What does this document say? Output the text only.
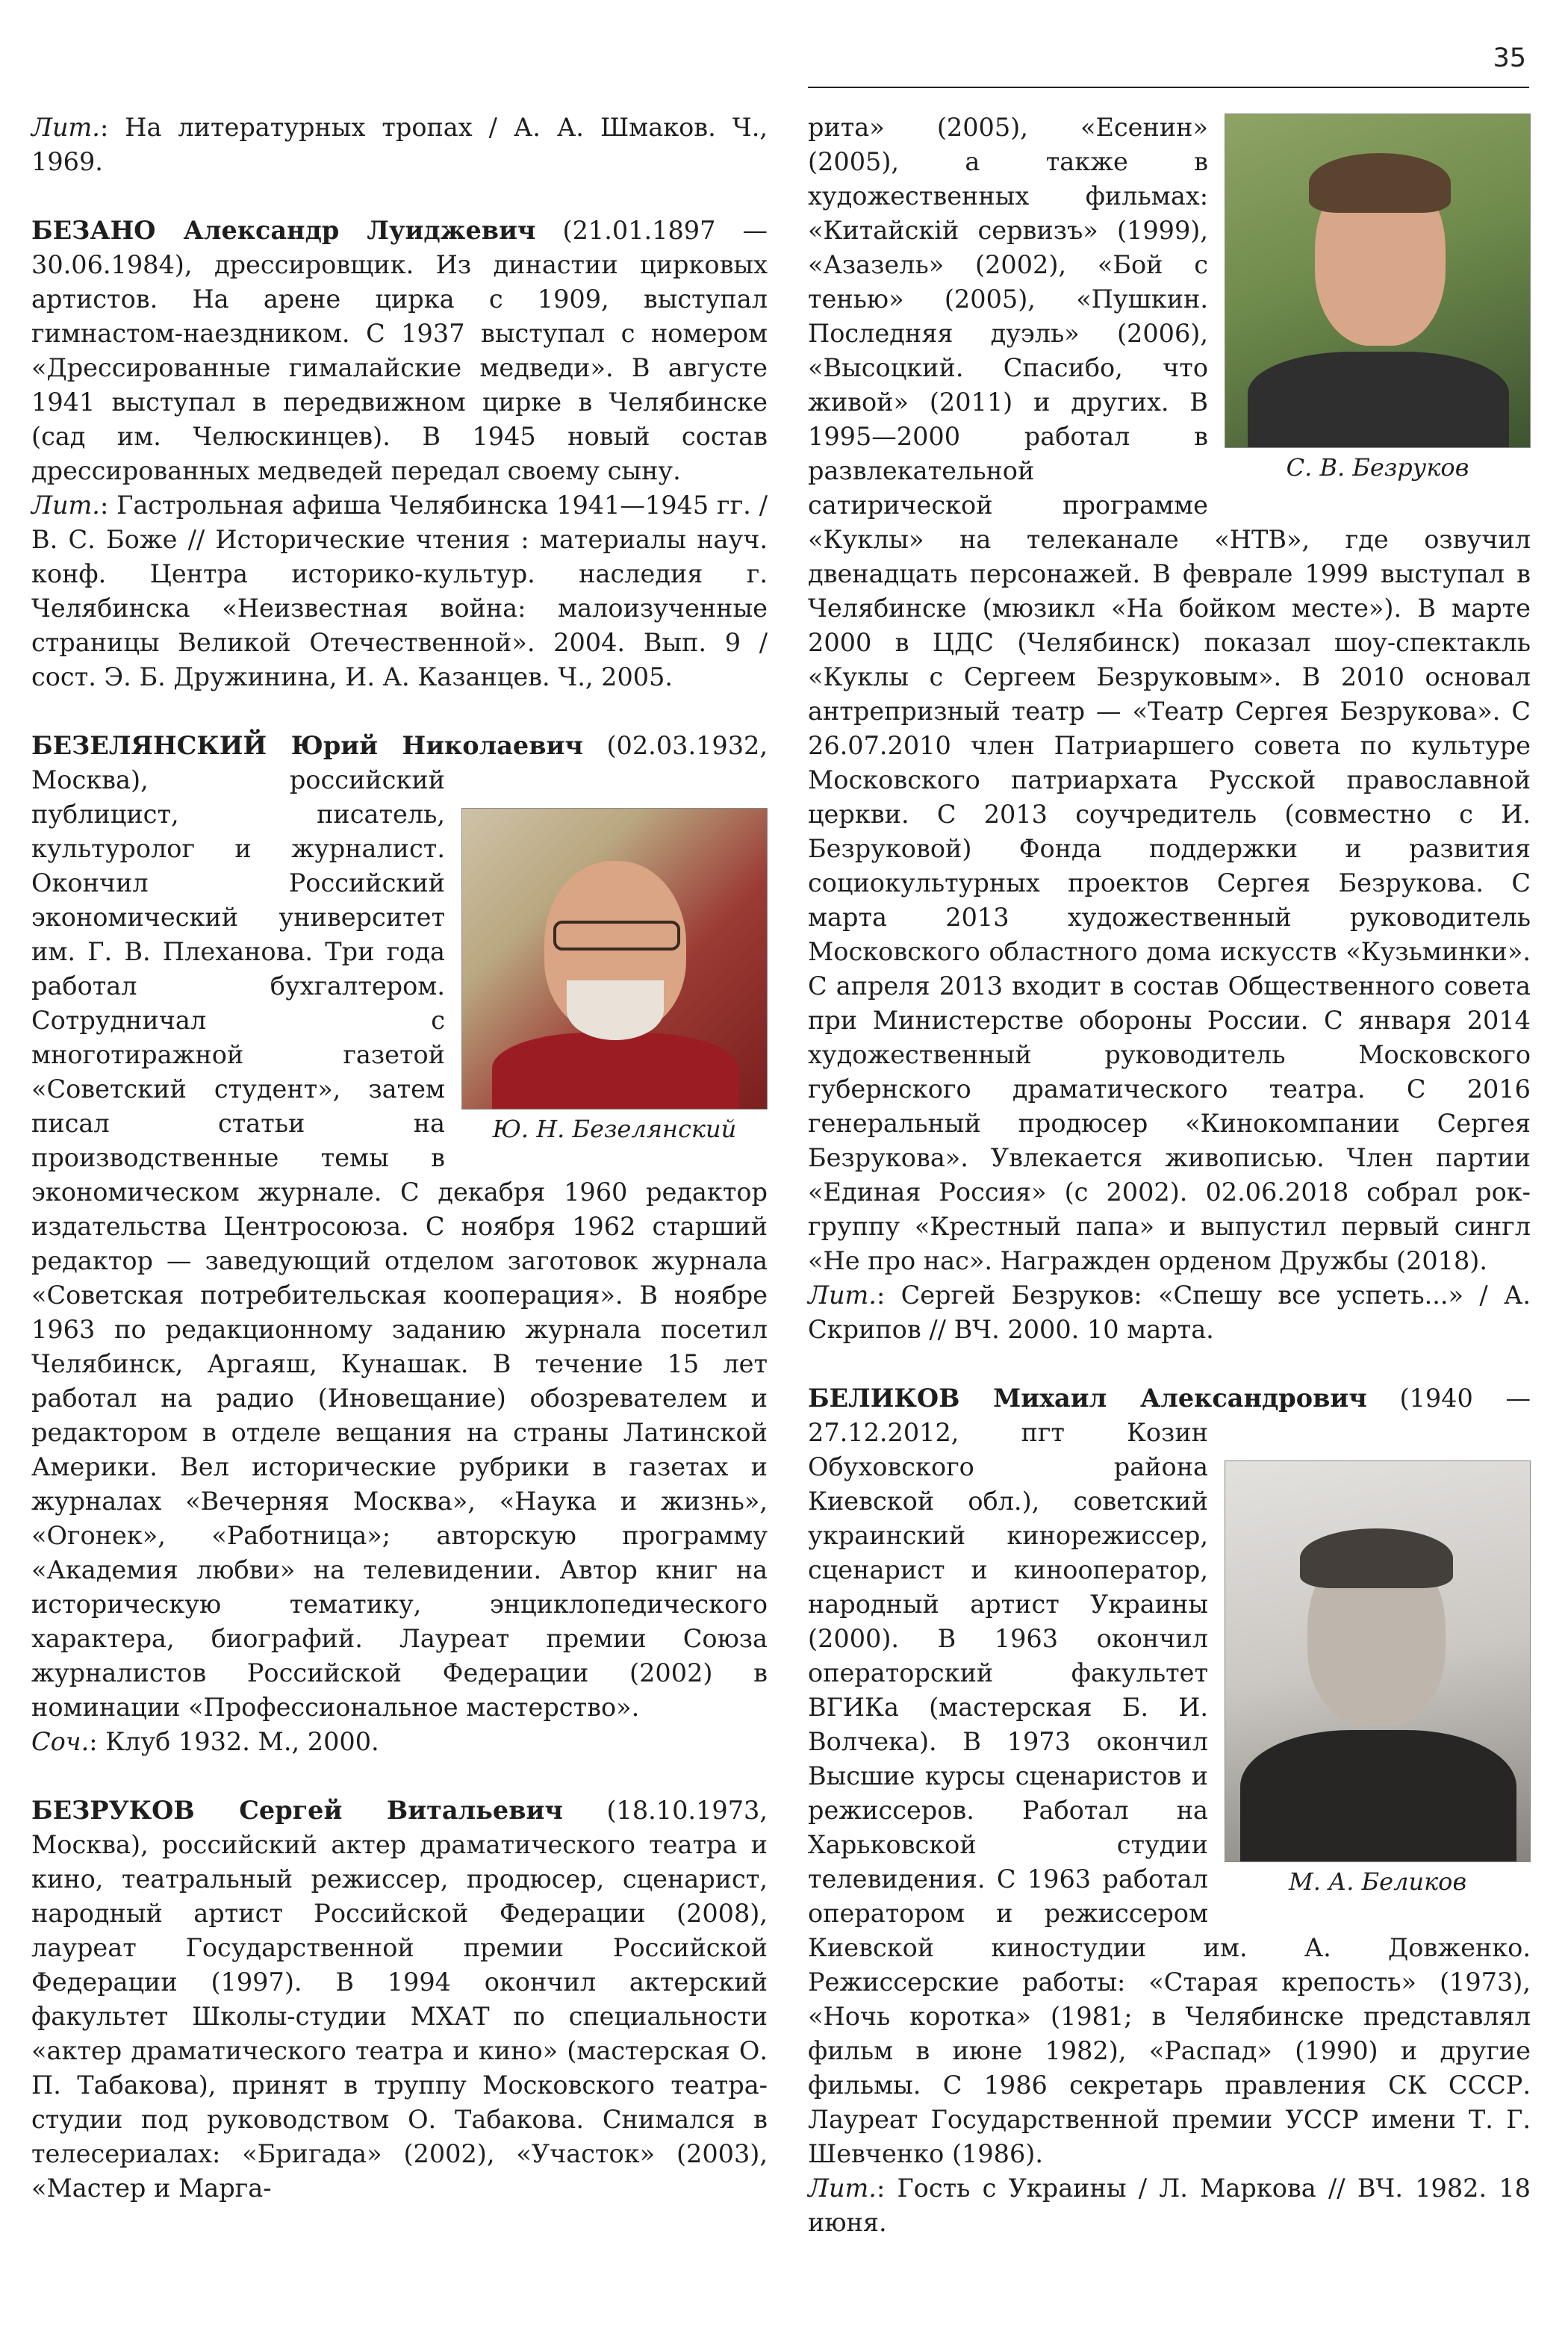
35

Лит.: На литературных тропах / А. А. Шмаков. Ч., 1969.

БЕЗАНО Александр Луиджевич (21.01.1897 — 30.06.1984), дрессировщик. Из династии цирковых артистов. На арене цирка с 1909, выступал гимнастом-наездником. С 1937 выступал с номером «Дрессированные гималайские медведи». В августе 1941 выступал в передвижном цирке в Челябинске (сад им. Челюскинцев). В 1945 новый состав дрессированных медведей передал своему сыну.

Лит.: Гастрольная афиша Челябинска 1941—1945 гг. / В. С. Боже // Исторические чтения : материалы науч. конф. Центра историко-культур. наследия г. Челябинска «Неизвестная война: малоизученные страницы Великой Отечественной». 2004. Вып. 9 / сост. Э. Б. Дружинина, И. А. Казанцев. Ч., 2005.

БЕЗЕЛЯНСКИЙ Юрий Николаевич
Ю. Н. Безелянский
(02.03.1932, Москва), российский публицист, писатель, культуролог и журналист. Окончил Российский экономический университет им. Г. В. Плеханова. Три года работал бухгалтером. Сотрудничал с многотиражной газетой «Советский студент», затем писал статьи на производственные темы в экономическом журнале. С декабря 1960 редактор издательства Центросоюза. С ноября 1962 старший редактор — заведующий отделом заготовок журнала «Советская потребительская кооперация». В ноябре 1963 по редакционному заданию журнала посетил Челябинск, Аргаяш, Кунашак. В течение 15 лет работал на радио (Иновещание) обозревателем и редактором в отделе вещания на страны Латинской Америки. Вел исторические рубрики в газетах и журналах «Вечерняя Москва», «Наука и жизнь», «Огонек», «Работница»; авторскую программу «Академия любви» на телевидении. Автор книг на историческую тематику, энциклопедического характера, биографий. Лауреат премии Союза журналистов Российской Федерации (2002) в номинации «Профессиональное мастерство».

Соч.: Клуб 1932. М., 2000.

БЕЗРУКОВ Сергей Витальевич (18.10.1973, Москва), российский актер драматического театра и кино, театральный режиссер, продюсер, сценарист, народный артист Российской Федерации (2008), лауреат Государственной премии Российской Федерации (1997). В 1994 окончил актерский факультет Школы-студии МХАТ по специальности «актер драматического театра и кино» (мастерская О. П. Табакова), принят в труппу Московского театра-студии под руководством О. Табакова. Снимался в телесериалах: «Бригада» (2002), «Участок» (2003), «Мастер и Марга-

С. В. Безруков
рита» (2005), «Есенин» (2005), а также в художественных фильмах: «Китайскій сервизъ» (1999), «Азазель» (2002), «Бой с тенью» (2005), «Пушкин. Последняя дуэль» (2006), «Высоцкий. Спасибо, что живой» (2011) и других. В 1995—2000 работал в развлекательной сатирической программе «Куклы» на телеканале «НТВ», где озвучил двенадцать персонажей. В феврале 1999 выступал в Челябинске (мюзикл «На бойком месте»). В марте 2000 в ЦДС (Челябинск) показал шоу-спектакль «Куклы с Сергеем Безруковым». В 2010 основал антрепризный театр — «Театр Сергея Безрукова». С 26.07.2010 член Патриаршего совета по культуре Московского патриархата Русской православной церкви. С 2013 соучредитель (совместно с И. Безруковой) Фонда поддержки и развития социокультурных проектов Сергея Безрукова. С марта 2013 художественный руководитель Московского областного дома искусств «Кузьминки». С апреля 2013 входит в состав Общественного совета при Министерстве обороны России. С января 2014 художественный руководитель Московского губернского драматического театра. С 2016 генеральный продюсер «Кинокомпании Сергея Безрукова». Увлекается живописью. Член партии «Единая Россия» (с 2002). 02.06.2018 собрал рок-группу «Крестный папа» и выпустил первый сингл «Не про нас». Награжден орденом Дружбы (2018).

Лит.: Сергей Безруков: «Спешу все успеть...» / А. Скрипов // ВЧ. 2000. 10 марта.

БЕЛИКОВ Михаил Александрович
М. А. Беликов
(1940 — 27.12.2012, пгт Козин Обуховского района Киевской обл.), советский украинский кинорежиссер, сценарист и кинооператор, народный артист Украины (2000). В 1963 окончил операторский факультет ВГИКа (мастерская Б. И. Волчека). В 1973 окончил Высшие курсы сценаристов и режиссеров. Работал на Харьковской студии телевидения. С 1963 работал оператором и режиссером Киевской киностудии им. А. Довженко. Режиссерские работы: «Старая крепость» (1973), «Ночь коротка» (1981; в Челябинске представлял фильм в июне 1982), «Распад» (1990) и другие фильмы. С 1986 секретарь правления СК СССР. Лауреат Государственной премии УССР имени Т. Г. Шевченко (1986).

Лит.: Гость с Украины / Л. Маркова // ВЧ. 1982. 18 июня.
